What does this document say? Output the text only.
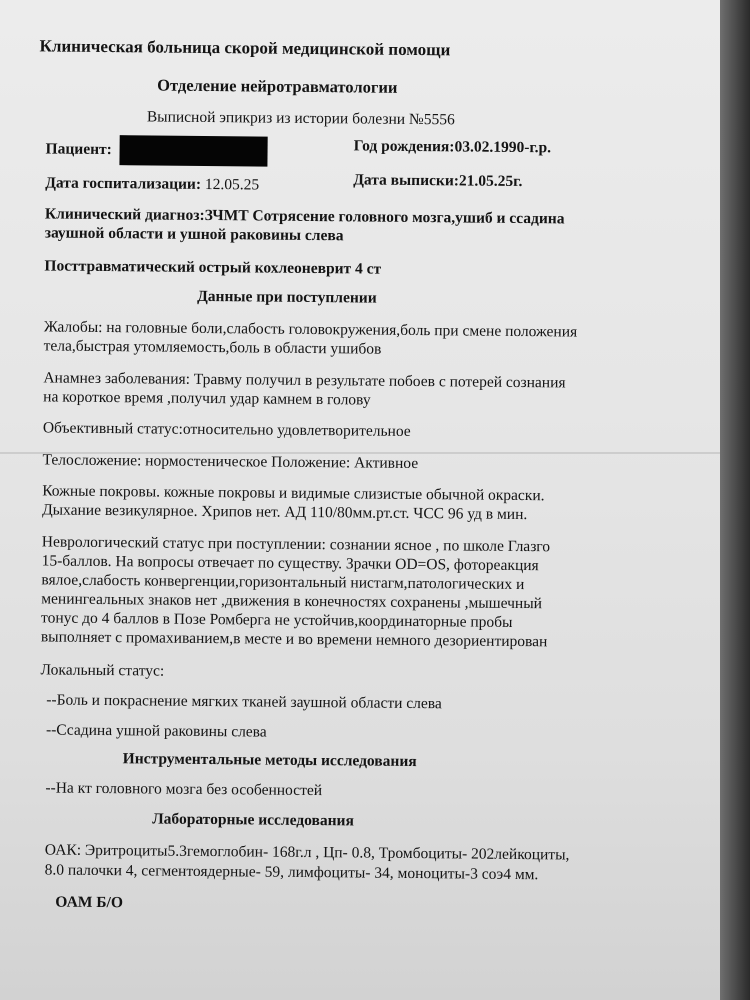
Клиническая больница скорой медицинской помощи
Отделение нейротравматологии
Выписной эпикриз из истории болезни №5556
Пациент:	Год рождения:03.02.1990-г.р.
Дата госпитализации: 12.05.25	Дата выписки:21.05.25г.
Клинический диагноз:ЗЧМТ Сотрясение головного мозга,ушиб и ссадина
заушной области и ушной раковины слева
Посттравматический острый кохлеоневрит 4 ст
Данные при поступлении
Жалобы: на головные боли,слабость головокружения,боль при смене положения
тела,быстрая утомляемость,боль в области ушибов
Анамнез заболевания: Травму получил в результате побоев с потерей сознания
на короткое время ,получил удар камнем в голову
Объективный статус:относительно удовлетворительное
Телосложение: нормостеническое Положение: Активное
Кожные покровы. кожные покровы и видимые слизистые обычной окраски.
Дыхание везикулярное. Хрипов нет. АД 110/80мм.рт.ст. ЧСС 96 уд в мин.
Неврологический статус при поступлении: сознании ясное , по школе Глазго
15-баллов. На вопросы отвечает по существу. Зрачки OD=OS, фотореакция
вялое,слабость конвергенции,горизонтальный нистагм,патологических и
менингеальных знаков нет ,движения в конечностях сохранены ,мышечный
тонус до 4 баллов в Позе Ромберга не устойчив,координаторные пробы
выполняет с промахиванием,в месте и во времени немного дезориентирован
Локальный статус:
--Боль и покраснение мягких тканей заушной области слева
--Ссадина ушной раковины слева
Инструментальные методы исследования
--На кт головного мозга без особенностей
Лабораторные исследования
ОАК: Эритроциты5.3гемоглобин- 168г.л , Цп- 0.8, Тромбоциты- 202лейкоциты,
8.0 палочки 4, сегментоядерные- 59, лимфоциты- 34, моноциты-3 соэ4 мм.
ОАМ Б/О
